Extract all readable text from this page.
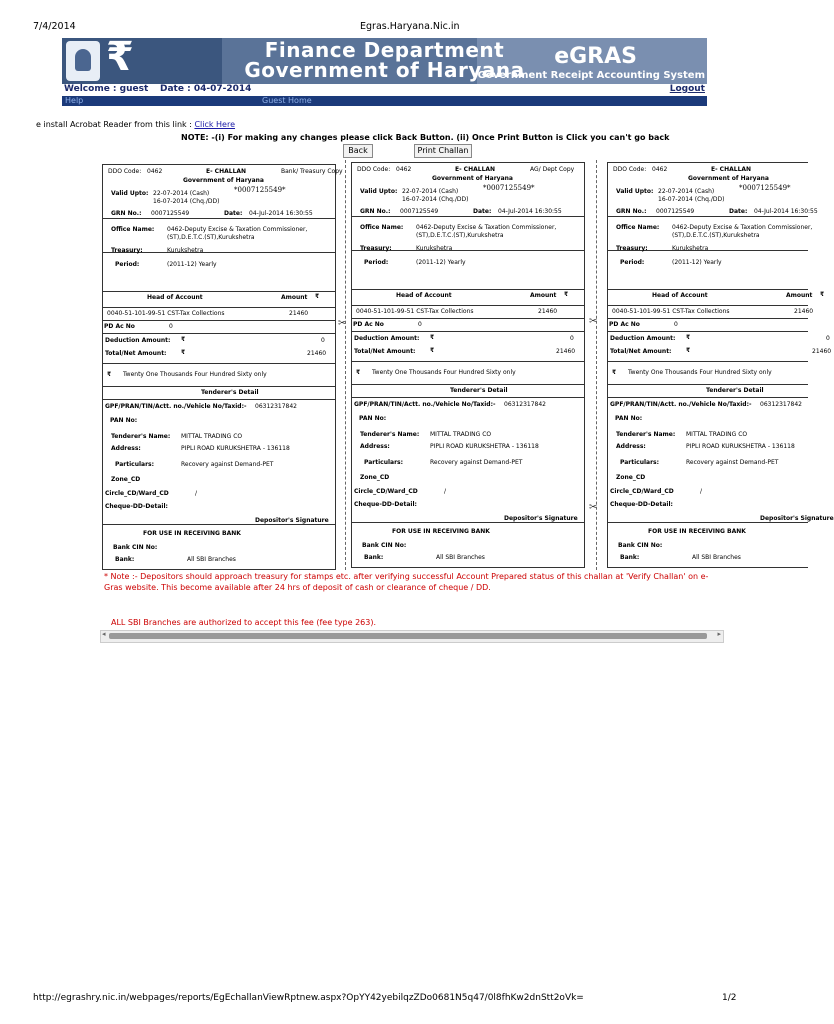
7/4/2014	Egras.Haryana.Nic.in
₹	Finance Department
Government of Haryana
eGRAS
Government Receipt Accounting System
Welcome : guest Date : 04-07-2014	Logout
Help	Guest Home
e install Acrobat Reader from this link : Click Here
NOTE: -(i) For making any changes please click Back Button. (ii) Once Print Button is Click you can't go back
Back	Print Challan
✂	✂
✂
DDO Code: 0462	E- CHALLAN	Bank/ Treasury Copy
Government of Haryana
Valid Upto: 22-07-2014 (Cash)
16-07-2014 (Chq./DD)
*0007125549*
GRN No.: 0007125549	Date: 04-Jul-2014 16:30:55
Office Name: 0462-Deputy Excise & Taxation Commissioner,
(ST),D.E.T.C.(ST),Kurukshetra
Treasury:	Kurukshetra
Period:	(2011-12) Yearly
Head of Account	Amount ₹
0040-51-101-99-51 CST-Tax Collections	21460
PD Ac No	0
Deduction Amount: ₹	0
Total/Net Amount: ₹	21460
₹ Twenty One Thousands Four Hundred Sixty only
Tenderer's Detail
GPF/PRAN/TIN/Actt. no./Vehicle No/Taxid:- 06312317842
PAN No:
Tenderer's Name: MITTAL TRADING CO
Address:	PIPLI ROAD KURUKSHETRA - 136118
Particulars:	Recovery against Demand-PET
Zone_CD
Circle_CD/Ward_CD	/
Cheque-DD-Detail:
Depositor's Signature
FOR USE IN RECEIVING BANK
Bank CIN No:
Bank:	All SBI Branches
DDO Code: 0462	E- CHALLAN	AG/ Dept Copy
Government of Haryana
Valid Upto: 22-07-2014 (Cash)
16-07-2014 (Chq./DD)
*0007125549*
GRN No.: 0007125549	Date: 04-Jul-2014 16:30:55
Office Name: 0462-Deputy Excise & Taxation Commissioner,
(ST),D.E.T.C.(ST),Kurukshetra
Treasury:	Kurukshetra
Period:	(2011-12) Yearly
Head of Account	Amount ₹
0040-51-101-99-51 CST-Tax Collections	21460
PD Ac No	0
Deduction Amount: ₹	0
Total/Net Amount: ₹	21460
₹ Twenty One Thousands Four Hundred Sixty only
Tenderer's Detail
GPF/PRAN/TIN/Actt. no./Vehicle No/Taxid:- 06312317842
PAN No:
Tenderer's Name: MITTAL TRADING CO
Address:	PIPLI ROAD KURUKSHETRA - 136118
Particulars:	Recovery against Demand-PET
Zone_CD
Circle_CD/Ward_CD	/
Cheque-DD-Detail:
Depositor's Signature
FOR USE IN RECEIVING BANK
Bank CIN No:
Bank:	All SBI Branches
DDO Code: 0462	E- CHALLAN
Government of Haryana
Valid Upto: 22-07-2014 (Cash)
16-07-2014 (Chq./DD)
*0007125549*
GRN No.: 0007125549	Date: 04-Jul-2014 16:30:55
Office Name: 0462-Deputy Excise & Taxation Commissioner,
(ST),D.E.T.C.(ST),Kurukshetra
Treasury:	Kurukshetra
Period:	(2011-12) Yearly
Head of Account	Amount ₹
0040-51-101-99-51 CST-Tax Collections	21460
PD Ac No	0
Deduction Amount: ₹	0
Total/Net Amount: ₹	21460
₹ Twenty One Thousands Four Hundred Sixty only
Tenderer's Detail
GPF/PRAN/TIN/Actt. no./Vehicle No/Taxid:- 06312317842
PAN No:
Tenderer's Name: MITTAL TRADING CO
Address:	PIPLI ROAD KURUKSHETRA - 136118
Particulars:	Recovery against Demand-PET
Zone_CD
Circle_CD/Ward_CD	/
Cheque-DD-Detail:
Depositor's Signature
FOR USE IN RECEIVING BANK
Bank CIN No:
Bank:	All SBI Branches
* Note :- Depositors should approach treasury for stamps etc. after verifying successful Account Prepared status of this challan at 'Verify Challan' on e-Gras website. This become available after 24 hrs of deposit of cash or clearance of cheque / DD.
ALL SBI Branches are authorized to accept this fee (fee type 263).
◂	▸
http://egrashry.nic.in/webpages/reports/EgEchallanViewRptnew.aspx?OpYY42yebilqzZDo0681N5q47/0l8fhKw2dnStt2oVk=	1/2
